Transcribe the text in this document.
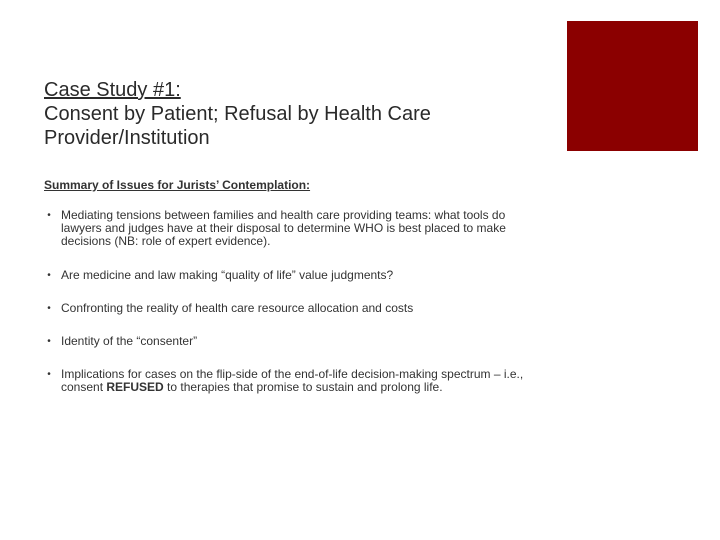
Case Study #1:
Consent by Patient; Refusal by Health Care
Provider/Institution
Summary of Issues for Jurists’ Contemplation:
• Mediating tensions between families and health care providing teams: what tools do lawyers and judges have at their disposal to determine WHO is best placed to make decisions (NB: role of expert evidence).
• Are medicine and law making “quality of life” value judgments?
• Confronting the reality of health care resource allocation and costs
• Identity of the “consenter”
• Implications for cases on the flip-side of the end-of-life decision-making spectrum – i.e., consent REFUSED to therapies that promise to sustain and prolong life.
